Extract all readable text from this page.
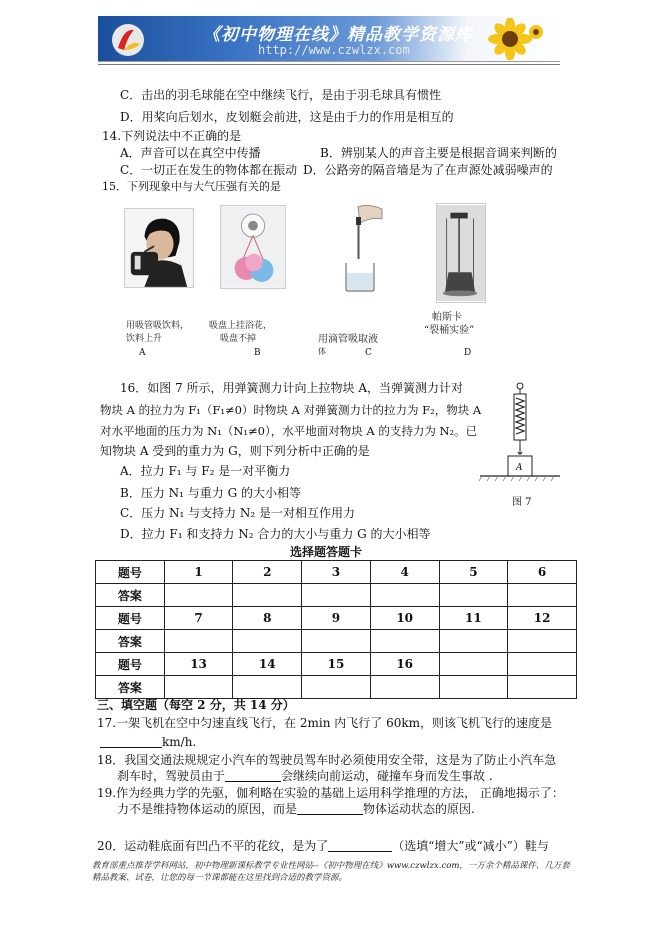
《初中物理在线》精品教学资源库
http://www.czwlzx.com
C．击出的羽毛球能在空中继续飞行，是由于羽毛球具有惯性
D．用桨向后划水，皮划艇会前进，这是由于力的作用是相互的
14.下列说法中不正确的是
A．声音可以在真空中传播	B．辨别某人的声音主要是根据音调来判断的
C．一切正在发生的物体都在振动 D．公路旁的隔音墙是为了在声源处减弱噪声的
15．下列现象中与大气压强有关的是
用吸管吸饮料，
饮料上升
A
吸盘上挂浴花，
吸盘不掉
B
用滴管吸取液
体	C
帕斯卡
“裂桶实验”
D
16．如图 7 所示，用弹簧测力计向上拉物块 A，当弹簧测力计对
物块 A 的拉力为 F₁（F₁≠0）时物块 A 对弹簧测力计的拉力为 F₂，物块 A
对水平地面的压力为 N₁（N₁≠0），水平地面对物块 A 的支持力为 N₂。已
知物块 A 受到的重力为 G，则下列分析中正确的是
A．拉力 F₁ 与 F₂ 是一对平衡力
B．压力 N₁ 与重力 G 的大小相等
C．压力 N₁ 与支持力 N₂ 是一对相互作用力
D．拉力 F₁ 和支持力 N₂ 合力的大小与重力 G 的大小相等
A
图 7
选择题答题卡
题号	1	2	3	4	5	6
答案						
题号	7	8	9	10	11	12
答案						
题号	13	14	15	16		
答案						
三、填空题（每空 2 分，共 14 分）
17.一架飞机在空中匀速直线飞行，在 2min 内飞行了 60km，则该飞机飞行的速度是
km/h.
18．我国交通法规规定小汽车的驾驶员驾车时必须使用安全带，这是为了防止小汽车急
刹车时，驾驶员由于	会继续向前运动，碰撞车身而发生事故 .
19.作为经典力学的先驱，伽利略在实验的基础上运用科学推理的方法， 正确地揭示了：
力不是维持物体运动的原因，而是	物体运动状态的原因.
20．运动鞋底面有凹凸不平的花纹，是为了	（选填“增大”或“减小”）鞋与
教育部重点推荐学科网站，初中物理新课标教学专业性网站--《初中物理在线》www.czwlzx.com，一万余个精品课件、几万套精品教案、试卷，让您的每一节课都能在这里找到合适的教学资源。
